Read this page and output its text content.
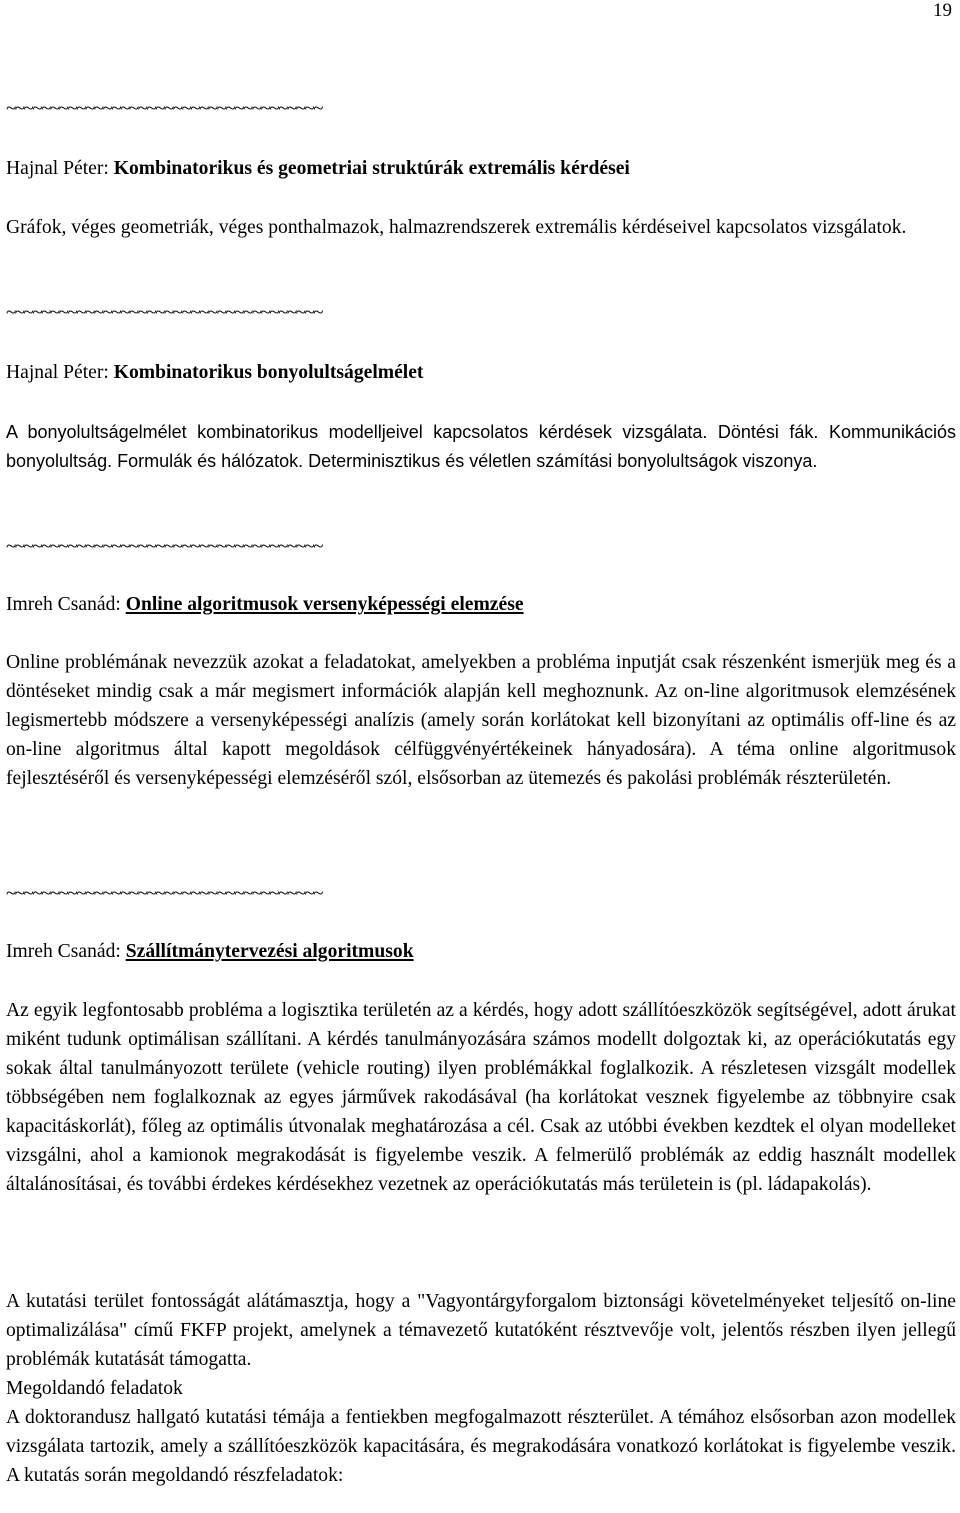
19
~~~~~~~~~~~~~~~~~~~~~~~~~~~~~~~~~~~~
Hajnal Péter: Kombinatorikus és geometriai struktúrák extremális kérdései

Gráfok, véges geometriák, véges ponthalmazok, halmazrendszerek extremális kérdéseivel kapcsolatos vizsgálatok.

~~~~~~~~~~~~~~~~~~~~~~~~~~~~~~~~~~~~
Hajnal Péter: Kombinatorikus bonyolultságelmélet

A bonyolultságelmélet kombinatorikus modelljeivel kapcsolatos kérdések vizsgálata. Döntési fák. Kommunikációs bonyolultság. Formulák és hálózatok. Determinisztikus és véletlen számítási bonyolultságok viszonya.

~~~~~~~~~~~~~~~~~~~~~~~~~~~~~~~~~~~~
Imreh Csanád: Online algoritmusok versenyképességi elemzése

Online problémának nevezzük azokat a feladatokat, amelyekben a probléma inputját csak részenként ismerjük meg és a döntéseket mindig csak a már megismert információk alapján kell meghoznunk. Az on-line algoritmusok elemzésének legismertebb módszere a versenyképességi analízis (amely során korlátokat kell bizonyítani az optimális off-line és az on-line algoritmus által kapott megoldások célfüggvényértékeinek hányadosára). A téma online algoritmusok fejlesztéséről és versenyképességi elemzéséről szól, elsősorban az ütemezés és pakolási problémák részterületén.

~~~~~~~~~~~~~~~~~~~~~~~~~~~~~~~~~~~~
Imreh Csanád: Szállítmánytervezési algoritmusok

Az egyik legfontosabb probléma a logisztika területén az a kérdés, hogy adott szállítóeszközök segítségével, adott árukat miként tudunk optimálisan szállítani. A kérdés tanulmányozására számos modellt dolgoztak ki, az operációkutatás egy sokak által tanulmányozott területe (vehicle routing) ilyen problémákkal foglalkozik. A részletesen vizsgált modellek többségében nem foglalkoznak az egyes járművek rakodásával (ha korlátokat vesznek figyelembe az többnyire csak kapacitáskorlát), főleg az optimális útvonalak meghatározása a cél. Csak az utóbbi években kezdtek el olyan modelleket vizsgálni, ahol a kamionok megrakodását is figyelembe veszik. A felmerülő problémák az eddig használt modellek általánosításai, és további érdekes kérdésekhez vezetnek az operációkutatás más területein is (pl. ládapakolás).

A kutatási terület fontosságát alátámasztja, hogy a "Vagyontárgyforgalom biztonsági követelményeket teljesítő on-line optimalizálása" című FKFP projekt, amelynek a témavezető kutatóként résztvevője volt, jelentős részben ilyen jellegű problémák kutatását támogatta.

Megoldandó feladatok

A doktorandusz hallgató kutatási témája a fentiekben megfogalmazott részterület. A témához elsősorban azon modellek vizsgálata tartozik, amely a szállítóeszközök kapacitására, és megrakodására vonatkozó korlátokat is figyelembe veszik. A kutatás során megoldandó részfeladatok:
